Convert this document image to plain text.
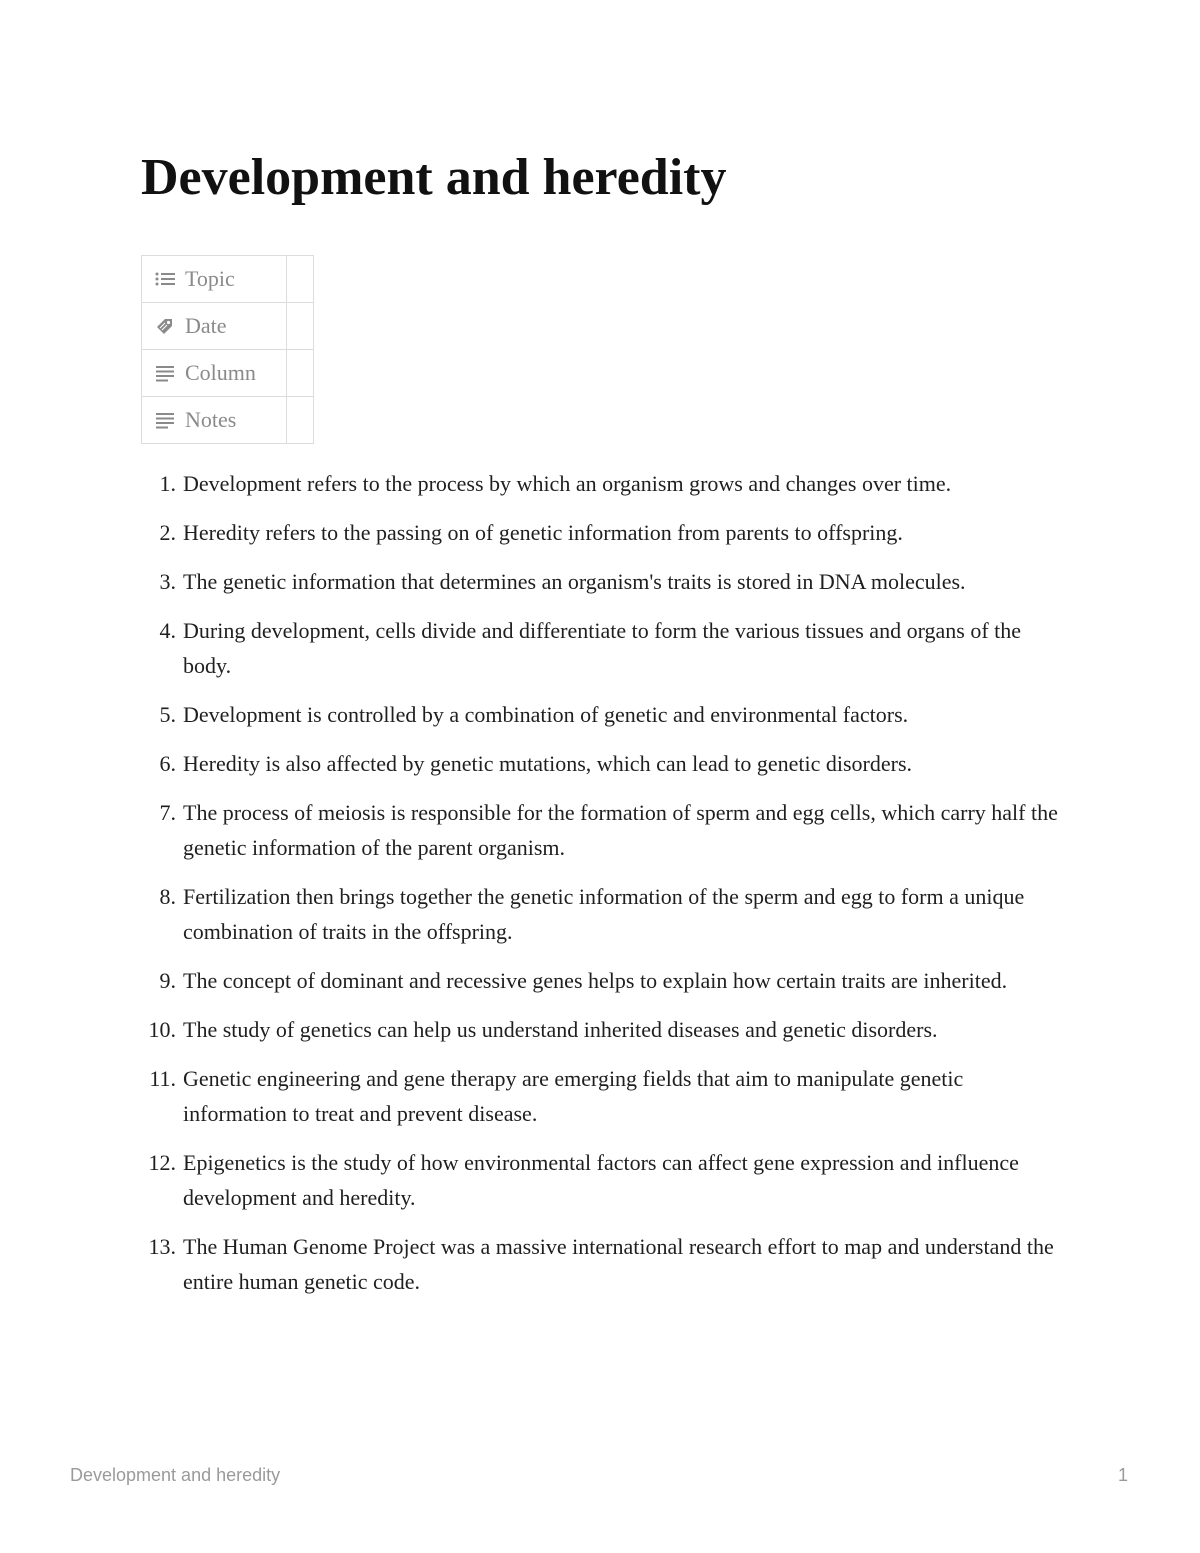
Development and heredity
Topic	

Date	

Column	

Notes	
1. Development refers to the process by which an organism grows and changes over time.
2. Heredity refers to the passing on of genetic information from parents to offspring.
3. The genetic information that determines an organism's traits is stored in DNA molecules.
4. During development, cells divide and differentiate to form the various tissues and organs of the body.
5. Development is controlled by a combination of genetic and environmental factors.
6. Heredity is also affected by genetic mutations, which can lead to genetic disorders.
7. The process of meiosis is responsible for the formation of sperm and egg cells, which carry half the genetic information of the parent organism.
8. Fertilization then brings together the genetic information of the sperm and egg to form a unique combination of traits in the offspring.
9. The concept of dominant and recessive genes helps to explain how certain traits are inherited.
10. The study of genetics can help us understand inherited diseases and genetic disorders.
11. Genetic engineering and gene therapy are emerging fields that aim to manipulate genetic information to treat and prevent disease.
12. Epigenetics is the study of how environmental factors can affect gene expression and influence development and heredity.
13. The Human Genome Project was a massive international research effort to map and understand the entire human genetic code.
Development and heredity	1
